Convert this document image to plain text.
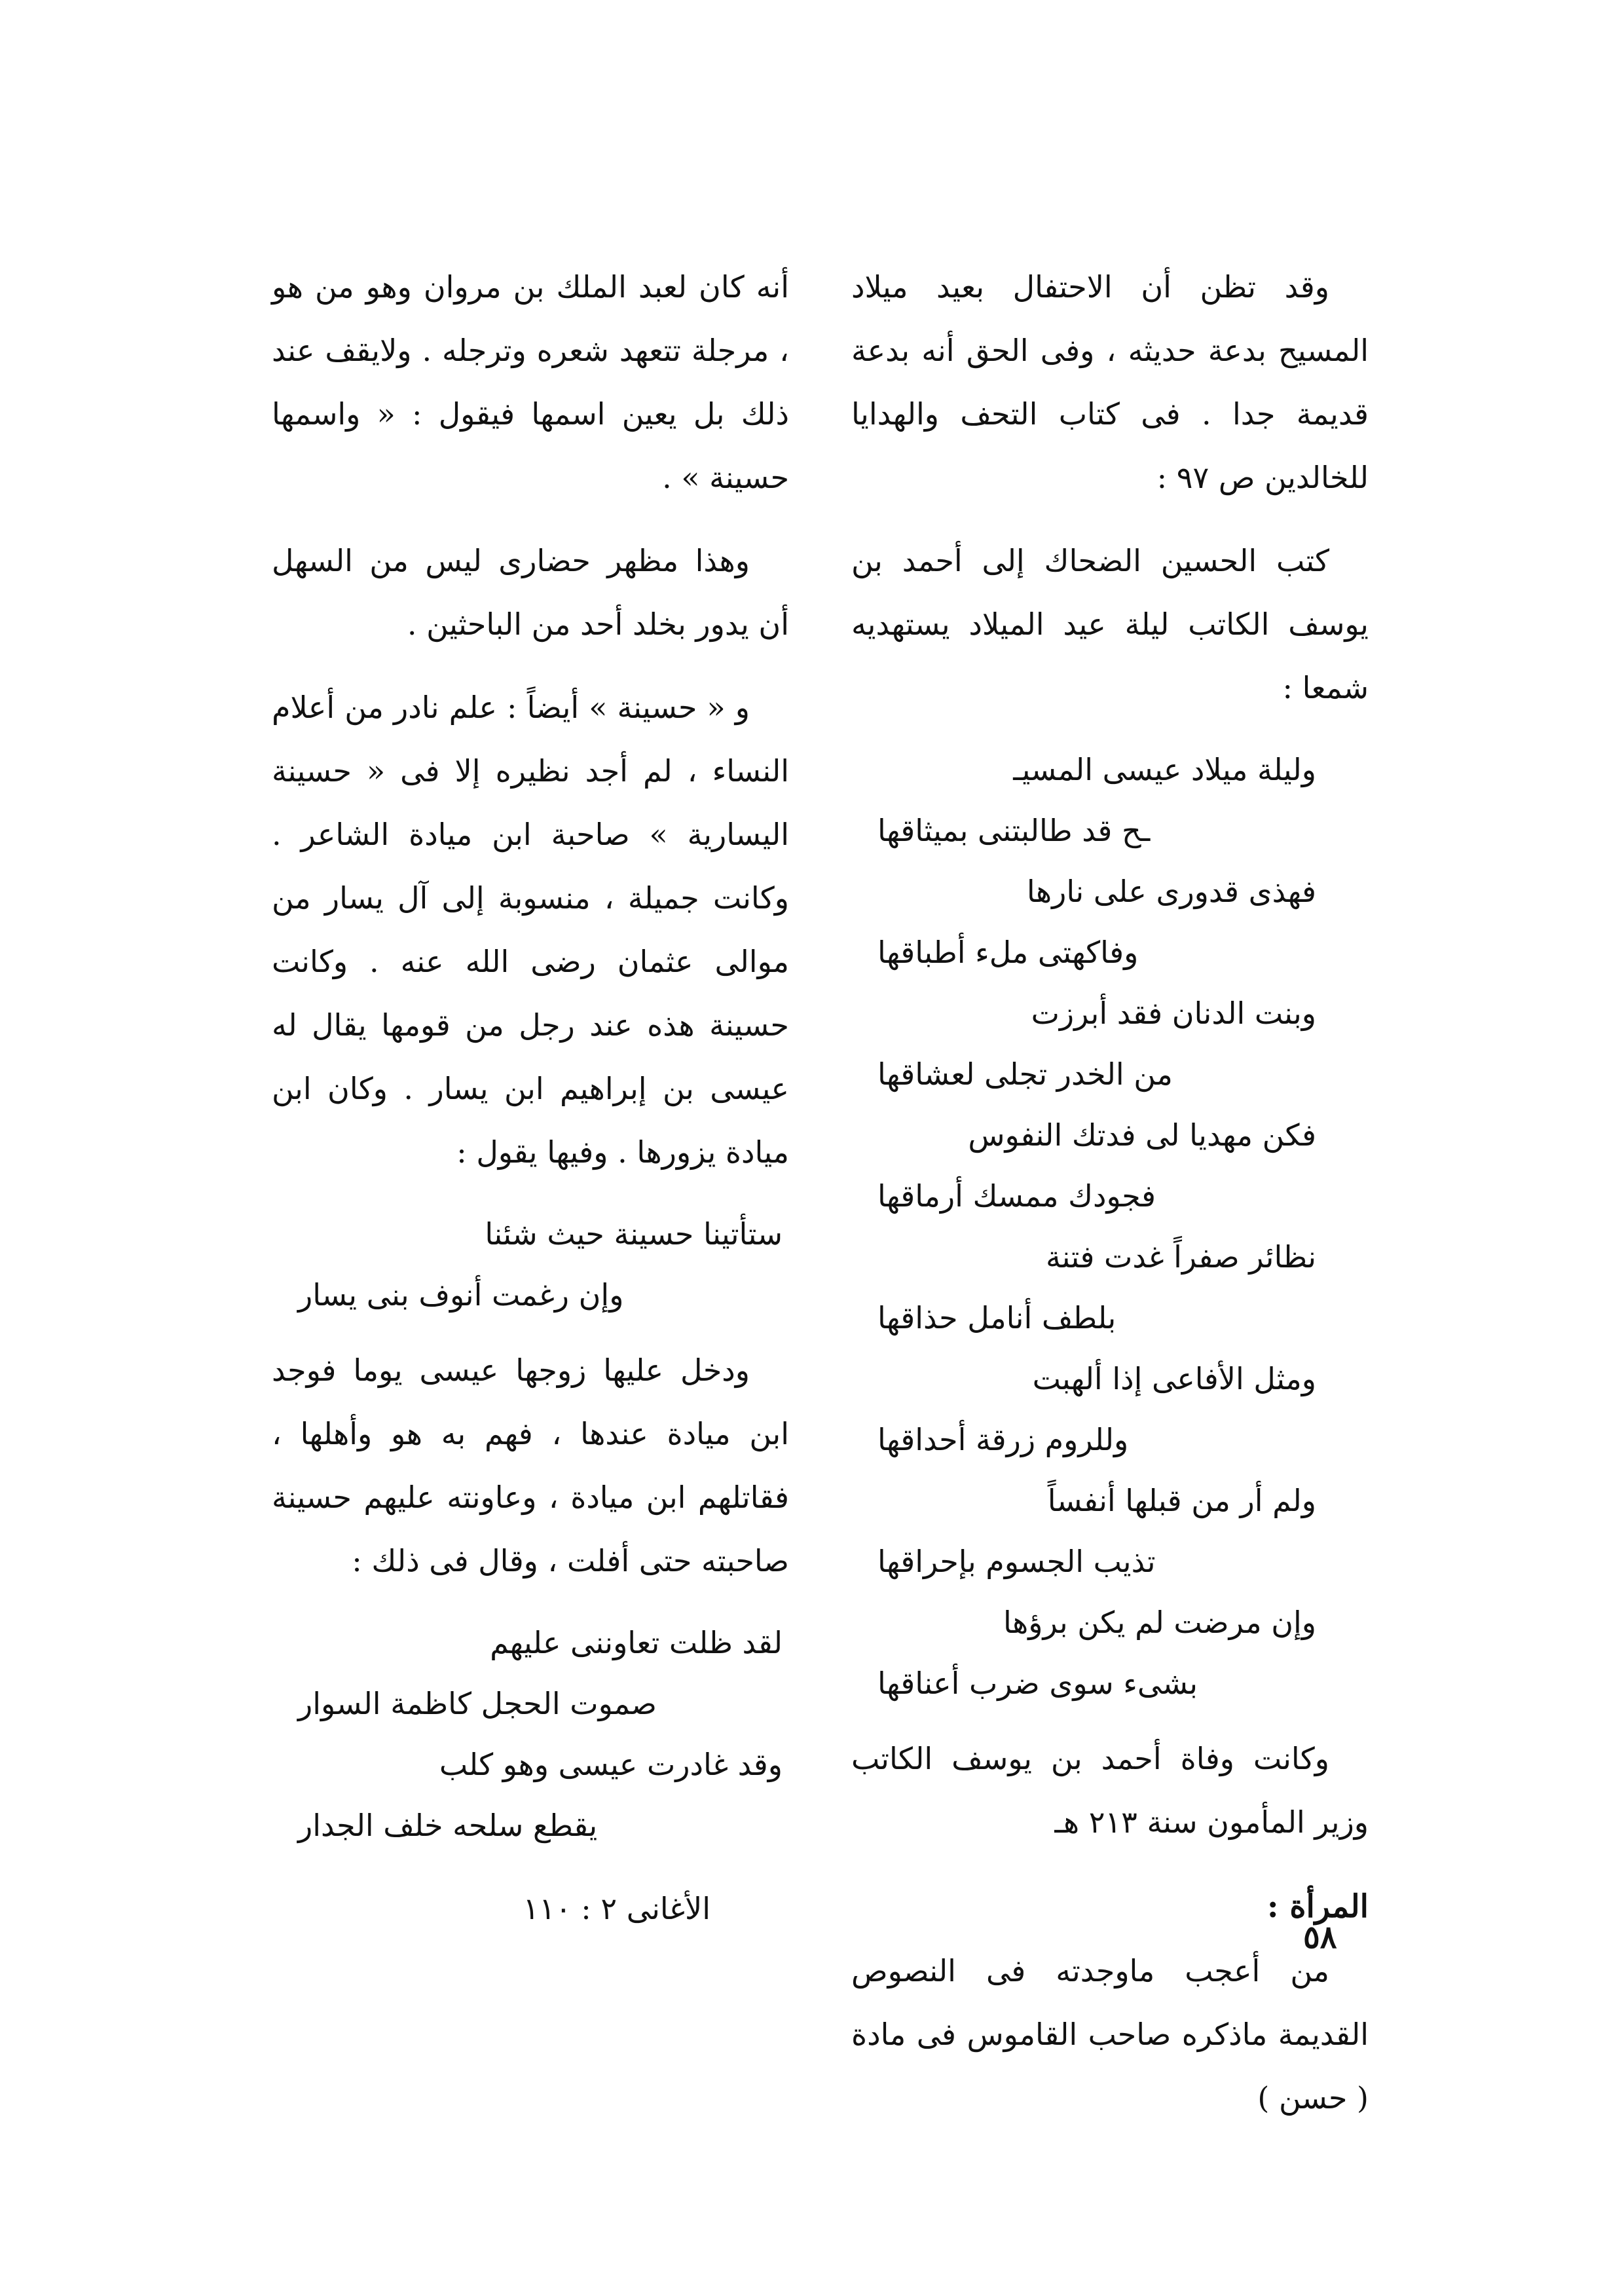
وقد تظن أن الاحتفال بعيد ميلاد المسيح بدعة حديثه ، وفى الحق أنه بدعة قديمة جدا . فى كتاب التحف والهدايا للخالدين ص ٩٧ :

كتب الحسين الضحاك إلى أحمد بن يوسف الكاتب ليلة عيد الميلاد يستهديه شمعا :

وليلة ميلاد عيسى المسيـ
ـح قد طالبتنى بميثاقها
فهذى قدورى على نارها
وفاكهتى ملء أطباقها
وبنت الدنان فقد أبرزت
من الخدر تجلى لعشاقها
فكن مهديا لى فدتك النفوس
فجودك ممسك أرماقها
نظائر صفراً غدت فتنة
بلطف أنامل حذاقها
ومثل الأفاعى إذا ألهبت
وللروم زرقة أحداقها
ولم أر من قبلها أنفساً
تذيب الجسوم بإحراقها
وإن مرضت لم يكن برؤها
بشىء سوى ضرب أعناقها

وكانت وفاة أحمد بن يوسف الكاتب وزير المأمون سنة ٢١٣ هـ

المرأة :

من أعجب ماوجدته فى النصوص القديمة ماذكره صاحب القاموس فى مادة ( حسن )

أنه كان لعبد الملك بن مروان وهو من هو ، مرجلة تتعهد شعره وترجله . ولايقف عند ذلك بل يعين اسمها فيقول : « واسمها حسينة » .

وهذا مظهر حضارى ليس من السهل أن يدور بخلد أحد من الباحثين .

و « حسينة » أيضاً : علم نادر من أعلام النساء ، لم أجد نظيره إلا فى « حسينة اليسارية » صاحبة ابن ميادة الشاعر . وكانت جميلة ، منسوبة إلى آل يسار من موالى عثمان رضى الله عنه . وكانت حسينة هذه عند رجل من قومها يقال له عيسى بن إبراهيم ابن يسار . وكان ابن ميادة يزورها . وفيها يقول :

ستأتينا حسينة حيث شئنا
وإن رغمت أنوف بنى يسار

ودخل عليها زوجها عيسى يوما فوجد ابن ميادة عندها ، فهم به هو وأهلها ، فقاتلهم ابن ميادة ، وعاونته عليهم حسينة صاحبته حتى أفلت ، وقال فى ذلك :

لقد ظلت تعاوننى عليهم
صموت الحجل كاظمة السوار
وقد غادرت عيسى وهو كلب
يقطع سلحه خلف الجدار
الأغانى ٢ : ١١٠
٥٨
